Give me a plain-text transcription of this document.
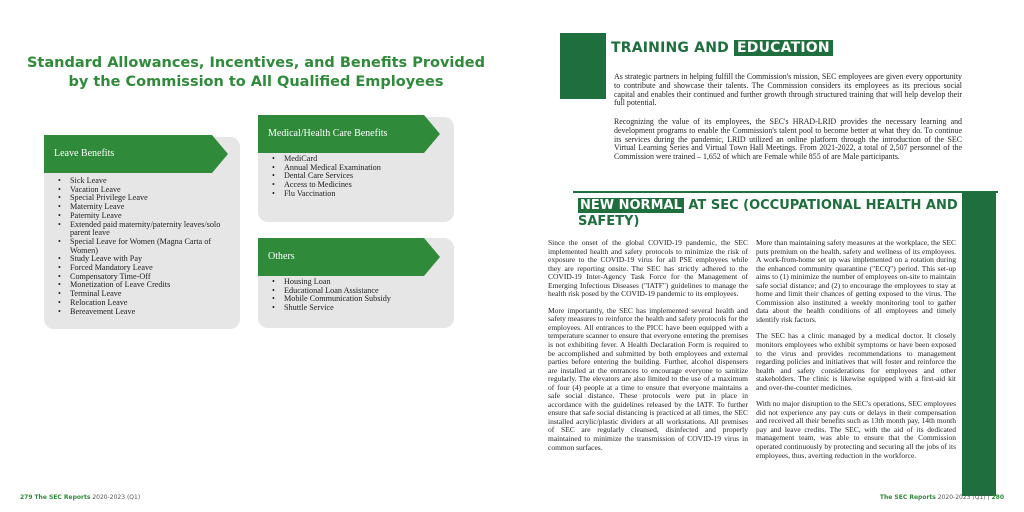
Standard Allowances, Incentives, and Benefits Provided by the Commission to All Qualified Employees
Leave Benefits
• Sick Leave
• Vacation Leave
• Special Privilege Leave
• Maternity Leave
• Paternity Leave
• Extended paid maternity/paternity leaves/solo parent leave
• Special Leave for Women (Magna Carta of Women)
• Study Leave with Pay
• Forced Mandatory Leave
• Compensatory Time-Off
• Monetization of Leave Credits
• Terminal Leave
• Relocation Leave
• Bereavement Leave
Medical/Health Care Benefits
• MediCard
• Annual Medical Examination
• Dental Care Services
• Access to Medicines
• Flu Vaccination
Others
• Housing Loan
• Educational Loan Assistance
• Mobile Communication Subsidy
• Shuttle Service
279 The SEC Reports 2020-2023 (Q1)
TRAINING AND EDUCATION

As strategic partners in helping fulfill the Commission's mission, SEC employees are given every opportunity to contribute and showcase their talents. The Commission considers its employees as its precious social capital and enables their continued and further growth through structured training that will help develop their full potential.

Recognizing the value of its employees, the SEC's HRAD-LRID provides the necessary learning and development programs to enable the Commission's talent pool to become better at what they do. To continue its services during the pandemic, LRID utilized an online platform through the introduction of the SEC Virtual Learning Series and Virtual Town Hall Meetings. From 2021-2022, a total of 2,507 personnel of the Commission were trained – 1,652 of which are Female while 855 of are Male participants.

NEW NORMAL AT SEC (OCCUPATIONAL HEALTH AND SAFETY)

Since the onset of the global COVID-19 pandemic, the SEC implemented health and safety protocols to minimize the risk of exposure to the COVID-19 virus for all PSE employees while they are reporting onsite. The SEC has strictly adhered to the COVID-19 Inter-Agency Task Force for the Management of Emerging Infectious Diseases ("IATF") guidelines to manage the health risk posed by the COVID-19 pandemic to its employees.

More importantly, the SEC has implemented several health and safety measures to reinforce the health and safety protocols for the employees. All entrances to the PICC have been equipped with a temperature scanner to ensure that everyone entering the premises is not exhibiting fever. A Health Declaration Form is required to be accomplished and submitted by both employees and external parties before entering the building. Further, alcohol dispensers are installed at the entrances to encourage everyone to sanitize regularly. The elevators are also limited to the use of a maximum of four (4) people at a time to ensure that everyone maintains a safe social distance. These protocols were put in place in accordance with the guidelines released by the IATF. To further ensure that safe social distancing is practiced at all times, the SEC installed acrylic/plastic dividers at all workstations. All premises of SEC are regularly cleansed, disinfected and properly maintained to minimize the transmission of COVID-19 virus in common surfaces.

More than maintaining safety measures at the workplace, the SEC puts premium on the health, safety and wellness of its employees. A work-from-home set up was implemented on a rotation during the enhanced community quarantine ("ECQ") period. This set-up aims to (1) minimize the number of employees on-site to maintain safe social distance; and (2) to encourage the employees to stay at home and limit their chances of getting exposed to the virus. The Commission also instituted a weekly monitoring tool to gather data about the health conditions of all employees and timely identify risk factors.

The SEC has a clinic managed by a medical doctor. It closely monitors employees who exhibit symptoms or have been exposed to the virus and provides recommendations to management regarding policies and initiatives that will foster and reinforce the health and safety considerations for employees and other stakeholders. The clinic is likewise equipped with a first-aid kit and over-the-counter medicines.

With no major disruption to the SEC's operations, SEC employees did not experience any pay cuts or delays in their compensation and received all their benefits such as 13th month pay, 14th month pay and leave credits. The SEC, with the aid of its dedicated management team, was able to ensure that the Commission operated continuously by protecting and securing all the jobs of its employees, thus, averting reduction in the workforce.

The SEC Reports 2020-2023 (Q1) | 280
